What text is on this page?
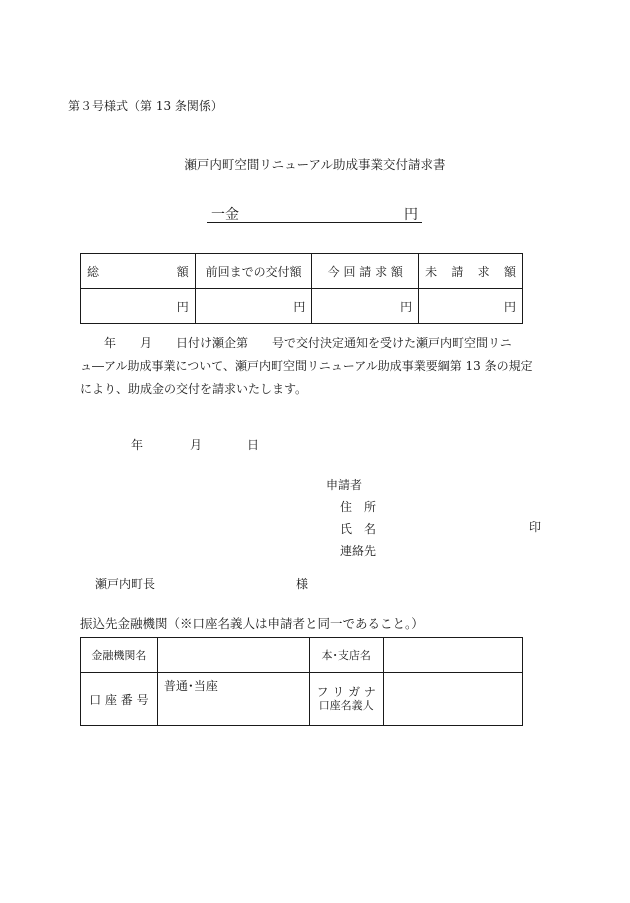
第３号様式（第 13 条関係）
瀬戸内町空間リニューアル助成事業交付請求書
一金	円
総 額	前回までの交付額	今 回 請 求 額	未 請 求 額

円	円	円	円
　　年　　月　　日付け瀬企第　　号で交付決定通知を受けた瀬戸内町空間リニ
ュ―アル助成事業について、瀬戸内町空間リニューアル助成事業要綱第 13 条の規定
により、助成金の交付を請求いたします。
年	月	日
申請者
住　所
氏　名
連絡先
印
瀬戸内町長	様
振込先金融機関（※口座名義人は申請者と同一であること。）
金融機関名		本･支店名	
口 座 番 号	普通･当座	フ リ ガ ナ
口座名義人	
